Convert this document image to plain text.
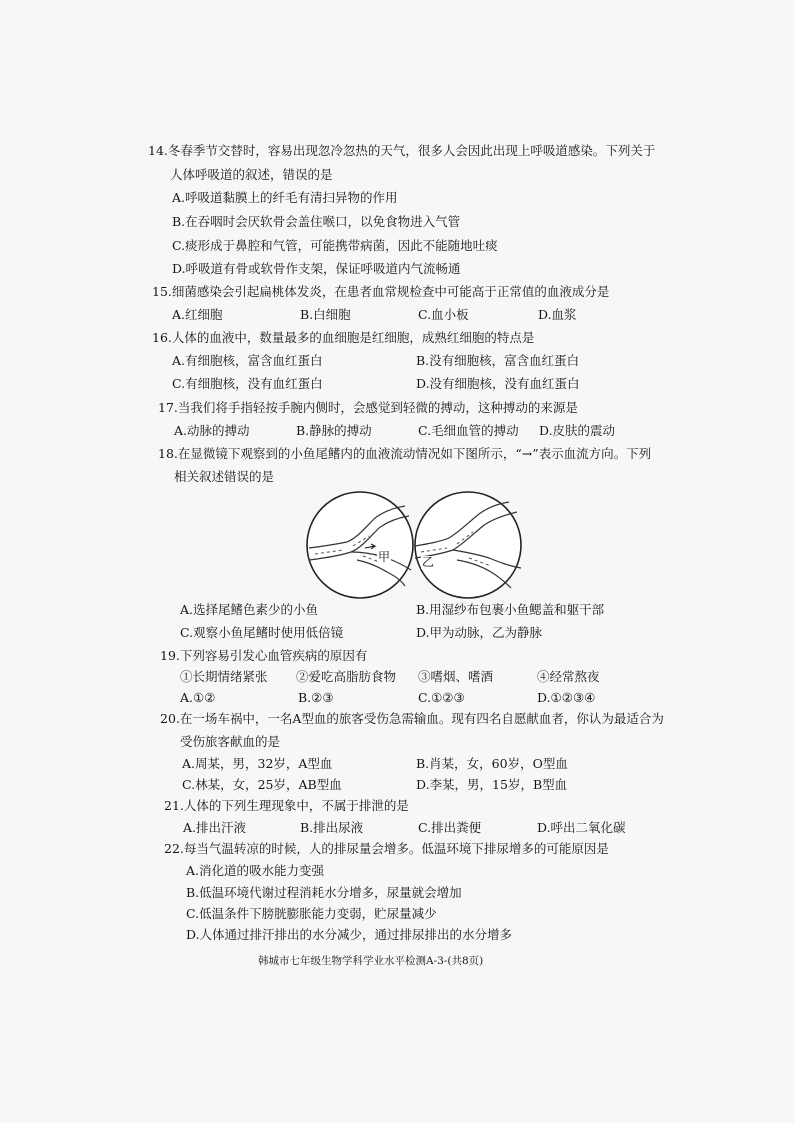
14.冬春季节交替时，容易出现忽冷忽热的天气，很多人会因此出现上呼吸道感染。下列关于
人体呼吸道的叙述，错误的是
A.呼吸道黏膜上的纤毛有清扫异物的作用
B.在吞咽时会厌软骨会盖住喉口，以免食物进入气管
C.痰形成于鼻腔和气管，可能携带病菌，因此不能随地吐痰
D.呼吸道有骨或软骨作支架，保证呼吸道内气流畅通
15.细菌感染会引起扁桃体发炎，在患者血常规检查中可能高于正常值的血液成分是
A.红细胞	B.白细胞	C.血小板	D.血浆
16.人体的血液中，数量最多的血细胞是红细胞，成熟红细胞的特点是
A.有细胞核，富含血红蛋白	B.没有细胞核，富含血红蛋白
C.有细胞核，没有血红蛋白	D.没有细胞核，没有血红蛋白
17.当我们将手指轻按手腕内侧时，会感觉到轻微的搏动，这种搏动的来源是
A.动脉的搏动	B.静脉的搏动	C.毛细血管的搏动 D.皮肤的震动
18.在显微镜下观察到的小鱼尾鳍内的血液流动情况如下图所示，“→”表示血流方向。下列
相关叙述错误的是
甲	乙
A.选择尾鳍色素少的小鱼	B.用湿纱布包裹小鱼鳃盖和躯干部
C.观察小鱼尾鳍时使用低倍镜	D.甲为动脉，乙为静脉
19.下列容易引发心血管疾病的原因有
①长期情绪紧张 ②爱吃高脂肪食物 ③嗜烟、嗜酒	④经常熬夜
A.①②	B.②③	C.①②③	D.①②③④
20.在一场车祸中，一名A型血的旅客受伤急需输血。现有四名自愿献血者，你认为最适合为
受伤旅客献血的是
A.周某，男，32岁，A型血	B.肖某，女，60岁，O型血
C.林某，女，25岁，AB型血	D.李某，男，15岁，B型血
21.人体的下列生理现象中，不属于排泄的是
A.排出汗液	B.排出尿液	C.排出粪便	D.呼出二氧化碳
22.每当气温转凉的时候，人的排尿量会增多。低温环境下排尿增多的可能原因是
A.消化道的吸水能力变强
B.低温环境代谢过程消耗水分增多，尿量就会增加
C.低温条件下膀胱膨胀能力变弱，贮尿量减少
D.人体通过排汗排出的水分减少，通过排尿排出的水分增多
韩城市七年级生物学科学业水平检测A-3-(共8页)
